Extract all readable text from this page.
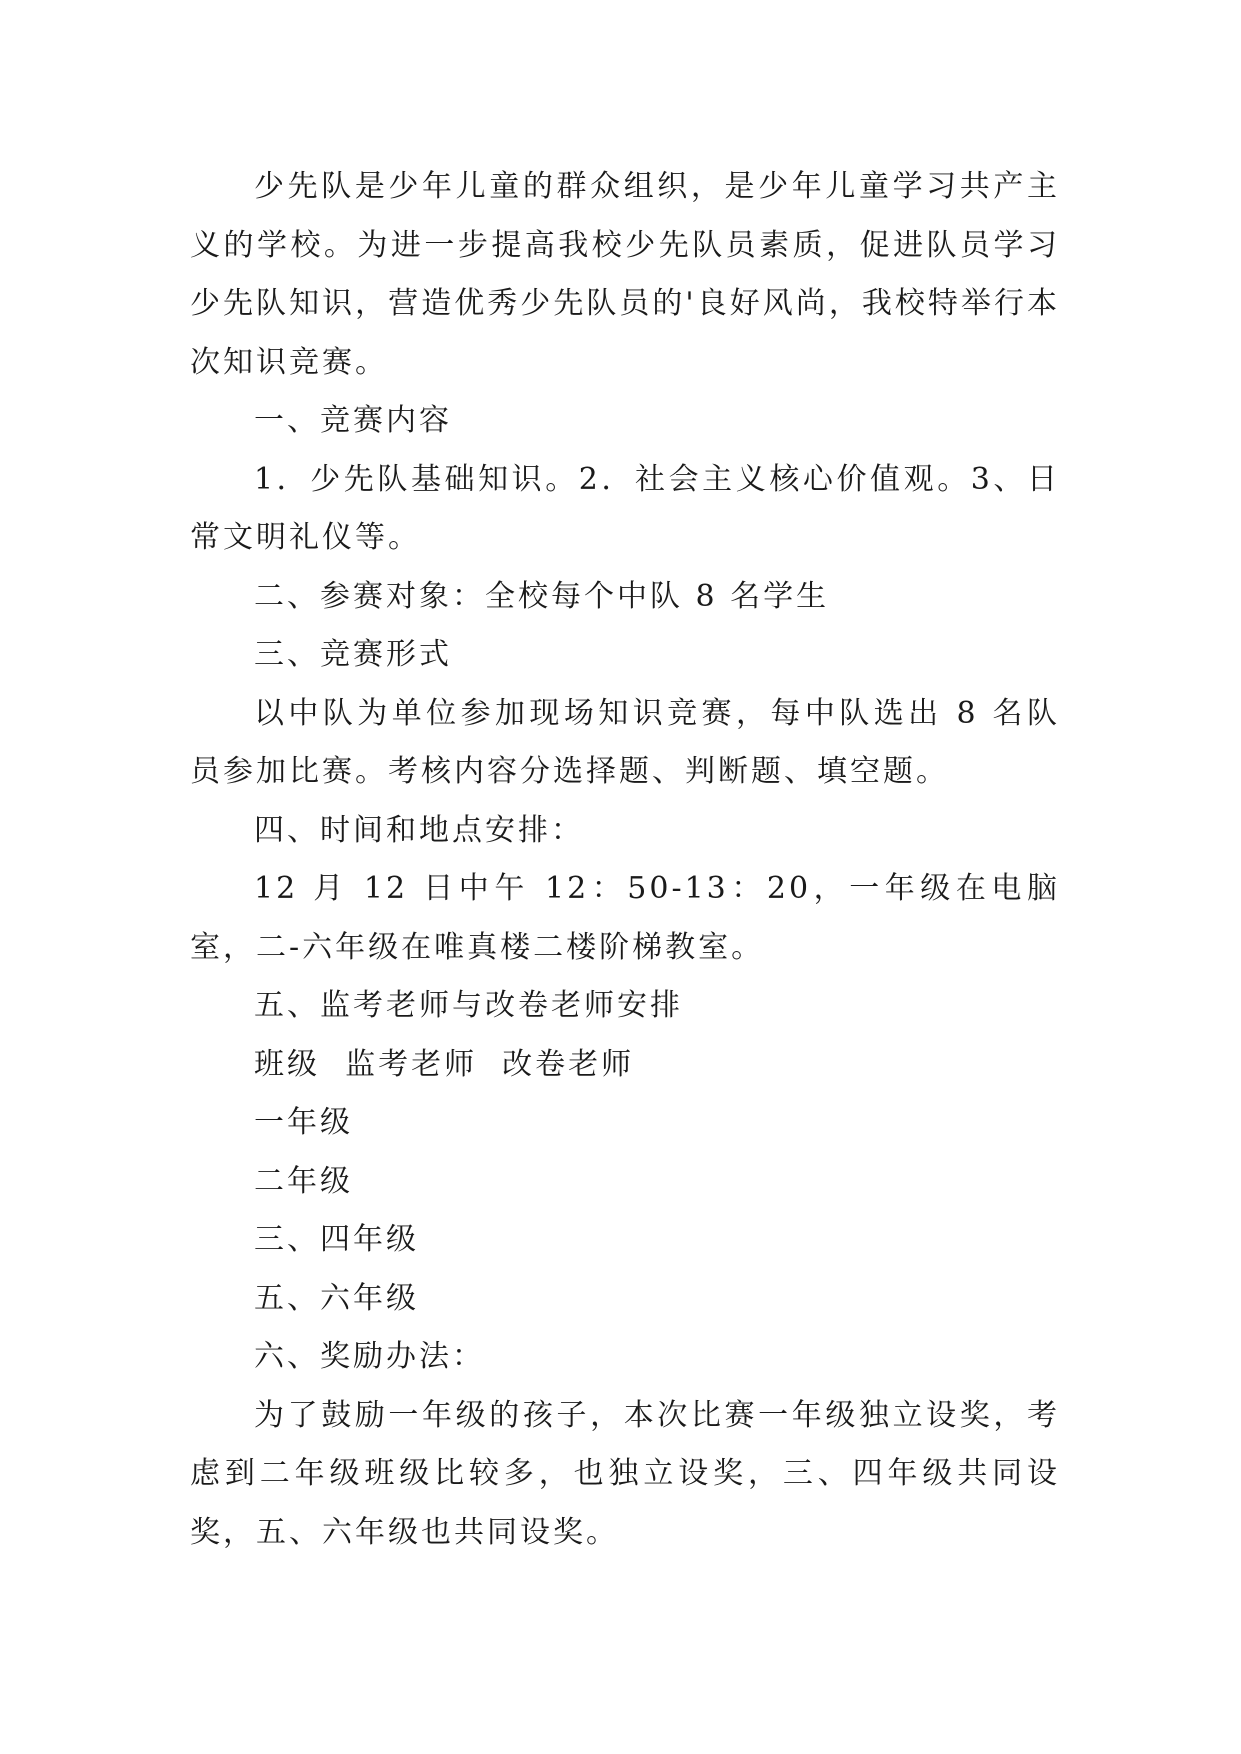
少先队是少年儿童的群众组织，是少年儿童学习共产主义的学校。为进一步提高我校少先队员素质，促进队员学习少先队知识，营造优秀少先队员的'良好风尚，我校特举行本次知识竞赛。

一、竞赛内容

1．少先队基础知识。2．社会主义核心价值观。3、日常文明礼仪等。

二、参赛对象：全校每个中队 8 名学生

三、竞赛形式

以中队为单位参加现场知识竞赛，每中队选出 8 名队员参加比赛。考核内容分选择题、判断题、填空题。

四、时间和地点安排：

12 月 12 日中午 12：50-13：20，一年级在电脑室，二-六年级在唯真楼二楼阶梯教室。

五、监考老师与改卷老师安排

班级  监考老师  改卷老师

一年级

二年级

三、四年级

五、六年级

六、奖励办法：

为了鼓励一年级的孩子，本次比赛一年级独立设奖，考虑到二年级班级比较多，也独立设奖，三、四年级共同设奖，五、六年级也共同设奖。
